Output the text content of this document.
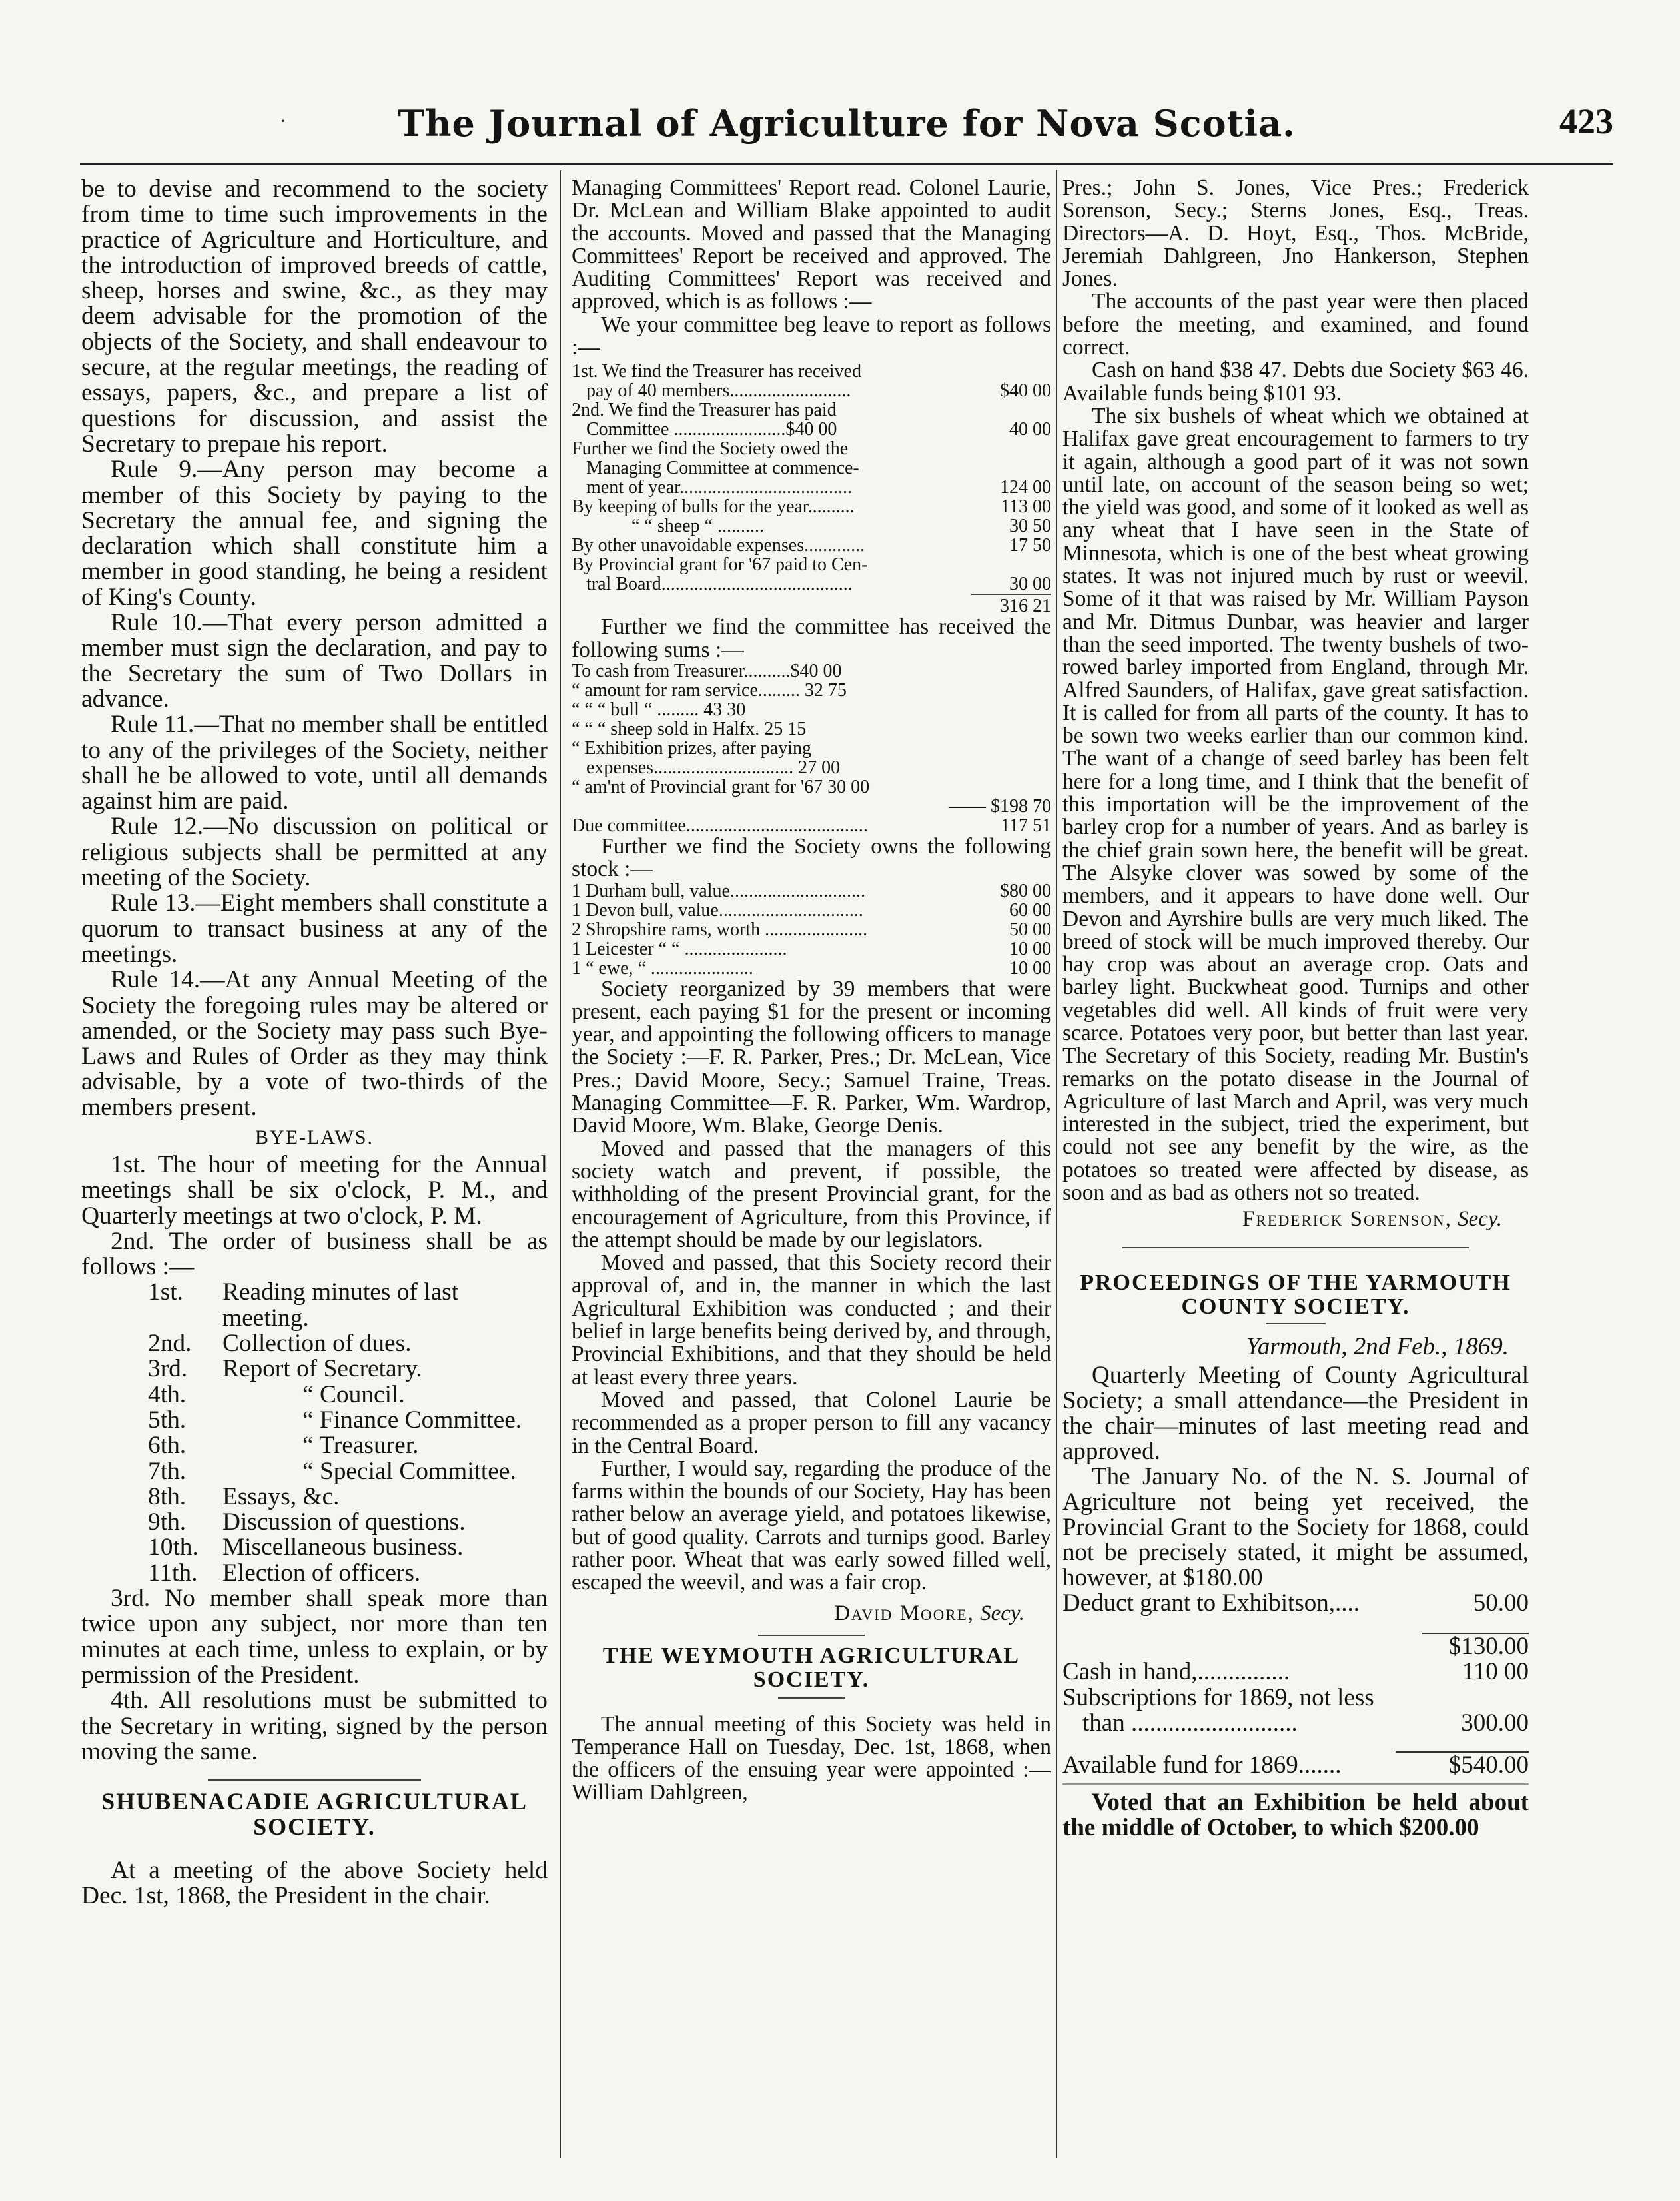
·	The Journal of Agriculture for Nova Scotia.	423

be to devise and recommend to the society from time to time such improvements in the practice of Agriculture and Horticulture, and the introduction of improved breeds of cattle, sheep, horses and swine, &c., as they may deem advisable for the promotion of the objects of the Society, and shall endeavour to secure, at the regular meetings, the reading of essays, papers, &c., and prepare a list of questions for discussion, and assist the Secretary to prepaıe his report.

Rule 9.—Any person may become a member of this Society by paying to the Secretary the annual fee, and signing the declaration which shall constitute him a member in good standing, he being a resident of King's County.

Rule 10.—That every person admitted a member must sign the declaration, and pay to the Secretary the sum of Two Dollars in advance.

Rule 11.—That no member shall be entitled to any of the privileges of the Society, neither shall he be allowed to vote, until all demands against him are paid.

Rule 12.—No discussion on political or religious subjects shall be permitted at any meeting of the Society.

Rule 13.—Eight members shall constitute a quorum to transact business at any of the meetings.

Rule 14.—At any Annual Meeting of the Society the foregoing rules may be altered or amended, or the Society may pass such Bye-Laws and Rules of Order as they may think advisable, by a vote of two-thirds of the members present.

BYE-LAWS.

1st. The hour of meeting for the Annual meetings shall be six o'clock, P. M., and Quarterly meetings at two o'clock, P. M.

2nd. The order of business shall be as follows :—

1st.	Reading minutes of last meeting.
2nd.	Collection of dues.
3rd.	Report of Secretary.
4th.	“ Council.
5th.	“ Finance Committee.
6th.	“ Treasurer.
7th.	“ Special Committee.
8th.	Essays, &c.
9th.	Discussion of questions.
10th. Miscellaneous business.
11th.	Election of officers.

3rd. No member shall speak more than twice upon any subject, nor more than ten minutes at each time, unless to explain, or by permission of the President.

4th. All resolutions must be submitted to the Secretary in writing, signed by the person moving the same.

SHUBENACADIE AGRICULTURAL SOCIETY.

At a meeting of the above Society held Dec. 1st, 1868, the President in the chair.

Managing Committees' Report read. Colonel Laurie, Dr. McLean and William Blake appointed to audit the accounts. Moved and passed that the Managing Committees' Report be received and approved. The Auditing Committees' Report was received and approved, which is as follows :—

We your committee beg leave to report as follows :—

1st. We find the Treasurer has received
pay of 40 members..........................	$40 00
2nd. We find the Treasurer has paid
Committee ........................$40 00	40 00
Further we find the Society owed the
Managing Committee at commence-
ment of year.....................................	124 00
By keeping of bulls for the year..........	113 00
“ “ sheep “ ..........	30 50
By other unavoidable expenses.............	17 50
By Provincial grant for '67 paid to Cen-
tral Board.........................................	30 00
316 21

Further we find the committee has received the following sums :—

To cash from Treasurer..........$40 00
“ amount for ram service......... 32 75
“ “ “ bull “ ......... 43 30
“ “ “ sheep sold in Halfx. 25 15
“ Exhibition prizes, after paying
expenses.............................. 27 00
“ am'nt of Provincial grant for '67 30 00
—— $198 70
Due committee.......................................	117 51

Further we find the Society owns the following stock :—

1 Durham bull, value.............................	$80 00
1 Devon bull, value...............................	60 00
2 Shropshire rams, worth ......................	50 00
1 Leicester “ “ ......................	10 00
1 “ ewe, “ ......................	10 00

Society reorganized by 39 members that were present, each paying $1 for the present or incoming year, and appointing the following officers to manage the Society :—F. R. Parker, Pres.; Dr. McLean, Vice Pres.; David Moore, Secy.; Samuel Traine, Treas. Managing Committee—F. R. Parker, Wm. Wardrop, David Moore, Wm. Blake, George Denis.

Moved and passed that the managers of this society watch and prevent, if possible, the withholding of the present Provincial grant, for the encouragement of Agriculture, from this Province, if the attempt should be made by our legislators.

Moved and passed, that this Society record their approval of, and in, the manner in which the last Agricultural Exhibition was conducted ; and their belief in large benefits being derived by, and through, Provincial Exhibitions, and that they should be held at least every three years.

Moved and passed, that Colonel Laurie be recommended as a proper person to fill any vacancy in the Central Board.

Further, I would say, regarding the produce of the farms within the bounds of our Society, Hay has been rather below an average yield, and potatoes likewise, but of good quality. Carrots and turnips good. Barley rather poor. Wheat that was early sowed filled well, escaped the weevil, and was a fair crop.

David Moore, Secy.
THE WEYMOUTH AGRICULTURAL SOCIETY.

The annual meeting of this Society was held in Temperance Hall on Tuesday, Dec. 1st, 1868, when the officers of the ensuing year were appointed :—William Dahlgreen,

Pres.; John S. Jones, Vice Pres.; Frederick Sorenson, Secy.; Sterns Jones, Esq., Treas. Directors—A. D. Hoyt, Esq., Thos. McBride, Jeremiah Dahlgreen, Jno Hankerson, Stephen Jones.

The accounts of the past year were then placed before the meeting, and examined, and found correct.

Cash on hand $38 47. Debts due Society $63 46. Available funds being $101 93.

The six bushels of wheat which we obtained at Halifax gave great encouragement to farmers to try it again, although a good part of it was not sown until late, on account of the season being so wet; the yield was good, and some of it looked as well as any wheat that I have seen in the State of Minnesota, which is one of the best wheat growing states. It was not injured much by rust or weevil. Some of it that was raised by Mr. William Payson and Mr. Ditmus Dunbar, was heavier and larger than the seed imported. The twenty bushels of two-rowed barley imported from England, through Mr. Alfred Saunders, of Halifax, gave great satisfaction. It is called for from all parts of the county. It has to be sown two weeks earlier than our common kind. The want of a change of seed barley has been felt here for a long time, and I think that the benefit of this importation will be the improvement of the barley crop for a number of years. And as barley is the chief grain sown here, the benefit will be great. The Alsyke clover was sowed by some of the members, and it appears to have done well. Our Devon and Ayrshire bulls are very much liked. The breed of stock will be much improved thereby. Our hay crop was about an average crop. Oats and barley light. Buckwheat good. Turnips and other vegetables did well. All kinds of fruit were very scarce. Potatoes very poor, but better than last year. The Secretary of this Society, reading Mr. Bustin's remarks on the potato disease in the Journal of Agriculture of last March and April, was very much interested in the subject, tried the experiment, but could not see any benefit by the wire, as the potatoes so treated were affected by disease, as soon and as bad as others not so treated.

Frederick Sorenson, Secy.
PROCEEDINGS OF THE YARMOUTH COUNTY SOCIETY.
Yarmouth, 2nd Feb., 1869.

Quarterly Meeting of County Agricultural Society; a small attendance—the President in the chair—minutes of last meeting read and approved.

The January No. of the N. S. Journal of Agriculture not being yet received, the Provincial Grant to the Society for 1868, could not be precisely stated, it might be assumed, however, at $180.00

Deduct grant to Exhibitson,....	50.00
$130.00
Cash in hand,...............	110 00
Subscriptions for 1869, not less
than ...........................	300.00
Available fund for 1869.......	$540.00

Voted that an Exhibition be held about the middle of October, to which $200.00
